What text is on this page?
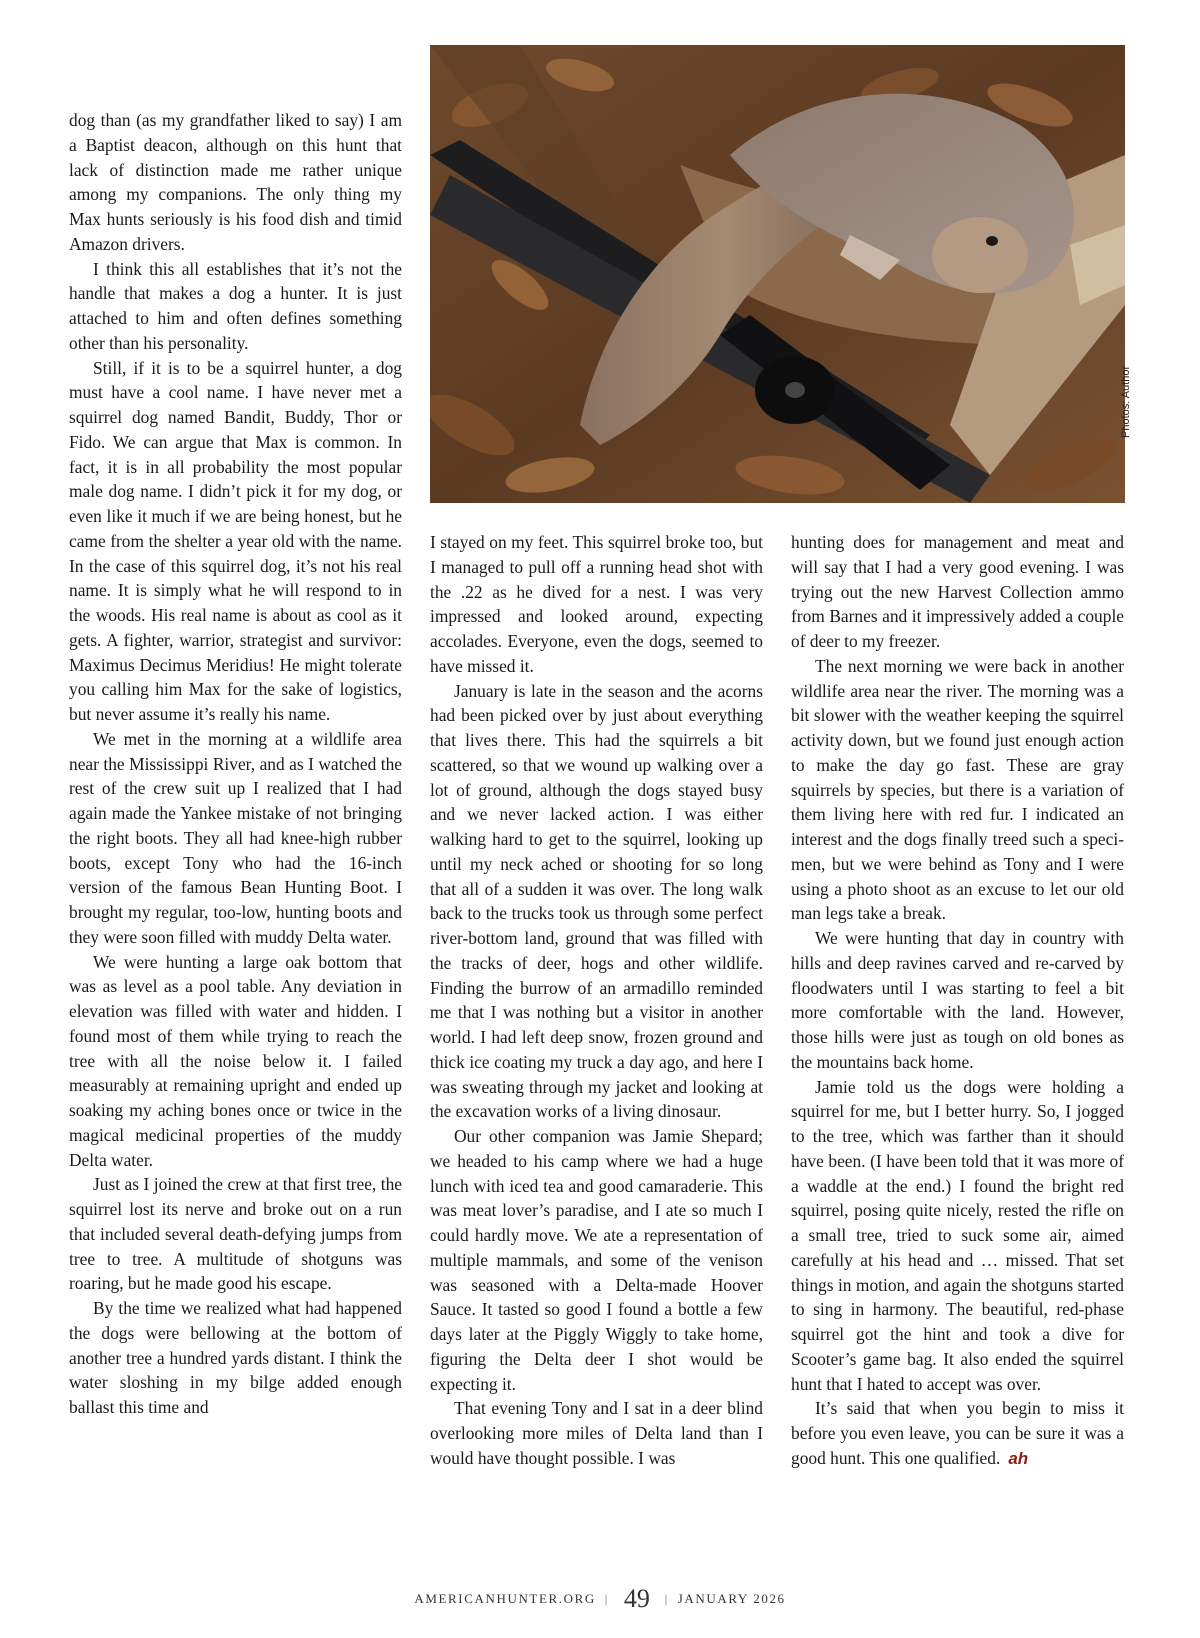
dog than (as my grandfather liked to say) I am a Baptist deacon, although on this hunt that lack of distinction made me rather unique among my companions. The only thing my Max hunts seriously is his food dish and timid Amazon drivers.

I think this all establishes that it’s not the handle that makes a dog a hunter. It is just attached to him and often defines something other than his personality.

Still, if it is to be a squirrel hunter, a dog must have a cool name. I have never met a squirrel dog named Bandit, Buddy, Thor or Fido. We can argue that Max is common. In fact, it is in all probability the most popular male dog name. I didn’t pick it for my dog, or even like it much if we are being honest, but he came from the shelter a year old with the name. In the case of this squirrel dog, it’s not his real name. It is simply what he will respond to in the woods. His real name is about as cool as it gets. A fighter, warrior, strategist and survivor: Maximus Decimus Meridius! He might tolerate you calling him Max for the sake of logistics, but never assume it’s really his name.

We met in the morning at a wildlife area near the Mississippi River, and as I watched the rest of the crew suit up I realized that I had again made the Yankee mistake of not bringing the right boots. They all had knee-high rubber boots, except Tony who had the 16-inch version of the famous Bean Hunting Boot. I brought my regular, too-low, hunting boots and they were soon filled with muddy Delta water.

We were hunting a large oak bottom that was as level as a pool table. Any deviation in elevation was filled with water and hidden. I found most of them while trying to reach the tree with all the noise below it. I failed measurably at remaining upright and ended up soaking my aching bones once or twice in the magical medicinal properties of the muddy Delta water.

Just as I joined the crew at that first tree, the squirrel lost its nerve and broke out on a run that included several death-defying jumps from tree to tree. A multitude of shotguns was roaring, but he made good his escape.

By the time we realized what had happened the dogs were bellowing at the bottom of another tree a hundred yards distant. I think the water sloshing in my bilge added enough ballast this time and

Photos: Author

I stayed on my feet. This squirrel broke too, but I managed to pull off a running head shot with the .22 as he dived for a nest. I was very impressed and looked around, expecting accolades. Everyone, even the dogs, seemed to have missed it.

January is late in the season and the acorns had been picked over by just about everything that lives there. This had the squirrels a bit scattered, so that we wound up walking over a lot of ground, although the dogs stayed busy and we never lacked action. I was either walking hard to get to the squirrel, looking up until my neck ached or shooting for so long that all of a sudden it was over. The long walk back to the trucks took us through some perfect river-bottom land, ground that was filled with the tracks of deer, hogs and other wildlife. Finding the burrow of an armadillo reminded me that I was nothing but a visitor in another world. I had left deep snow, frozen ground and thick ice coating my truck a day ago, and here I was sweating through my jacket and looking at the excavation works of a living dinosaur.

Our other companion was Jamie Shepard; we headed to his camp where we had a huge lunch with iced tea and good camaraderie. This was meat lover’s paradise, and I ate so much I could hardly move. We ate a representation of multiple mammals, and some of the venison was seasoned with a Delta-made Hoover Sauce. It tasted so good I found a bottle a few days later at the Piggly Wiggly to take home, figuring the Delta deer I shot would be expecting it.

That evening Tony and I sat in a deer blind overlooking more miles of Delta land than I would have thought possible. I was

hunting does for management and meat and will say that I had a very good evening. I was trying out the new Harvest Collection ammo from Barnes and it impressively added a couple of deer to my freezer.

The next morning we were back in another wildlife area near the river. The morning was a bit slower with the weather keeping the squirrel activity down, but we found just enough action to make the day go fast. These are gray squirrels by species, but there is a variation of them living here with red fur. I indicated an interest and the dogs finally treed such a specimen, but we were behind as Tony and I were using a photo shoot as an excuse to let our old man legs take a break.

We were hunting that day in country with hills and deep ravines carved and re-carved by floodwaters until I was starting to feel a bit more comfortable with the land. However, those hills were just as tough on old bones as the mountains back home.

Jamie told us the dogs were holding a squirrel for me, but I better hurry. So, I jogged to the tree, which was farther than it should have been. (I have been told that it was more of a waddle at the end.) I found the bright red squirrel, posing quite nicely, rested the rifle on a small tree, tried to suck some air, aimed carefully at his head and … missed. That set things in motion, and again the shotguns started to sing in harmony. The beautiful, red-phase squirrel got the hint and took a dive for Scooter’s game bag. It also ended the squirrel hunt that I hated to accept was over.

It’s said that when you begin to miss it before you even leave, you can be sure it was a good hunt. This one qualified. ah

AMERICANHUNTER.ORG | 49 | JANUARY 2026
